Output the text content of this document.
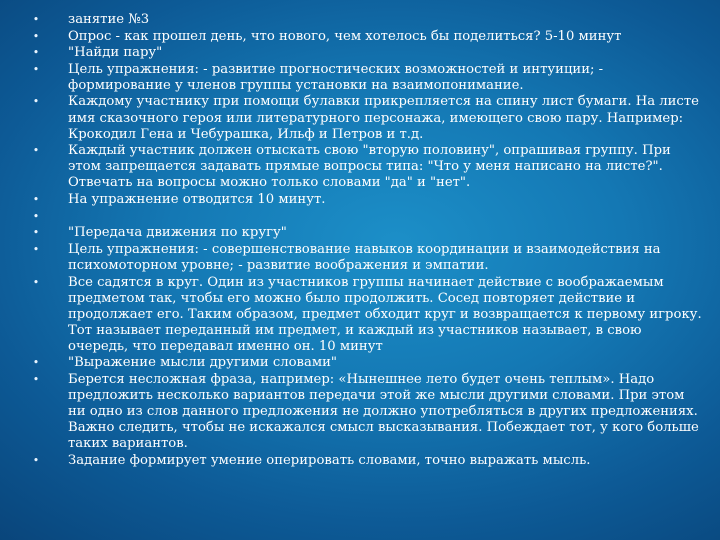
• занятие №3
• Опрос - как прошел день, что нового, чем хотелось бы поделиться? 5-10 минут
• "Найди пару"
• Цель упражнения: - развитие прогностических возможностей и интуиции; - формирование у членов группы установки на взаимопонимание.
• Каждому участнику при помощи булавки прикрепляется на спину лист бумаги. На листе имя сказочного героя или литературного персонажа, имеющего свою пару. Например: Крокодил Гена и Чебурашка, Ильф и Петров и т.д.
• Каждый участник должен отыскать свою "вторую половину", опрашивая группу. При этом запрещается задавать прямые вопросы типа: "Что у меня написано на листе?". Отвечать на вопросы можно только словами "да" и "нет".
• На упражнение отводится 10 минут.
•
• "Передача движения по кругу"
• Цель упражнения: - совершенствование навыков координации и взаимодействия на психомоторном уровне; - развитие воображения и эмпатии.
• Все садятся в круг. Один из участников группы начинает действие с воображаемым предметом так, чтобы его можно было продолжить. Сосед повторяет действие и продолжает его. Таким образом, предмет обходит круг и возвращается к первому игроку. Тот называет переданный им предмет, и каждый из участников называет, в свою очередь, что передавал именно он. 10 минут
• "Выражение мысли другими словами"
• Берется несложная фраза, например: «Нынешнее лето будет очень теплым». Надо предложить несколько вариантов передачи этой же мысли другими словами. При этом ни одно из слов данного предложения не должно употребляться в других предложениях. Важно следить, чтобы не искажался смысл высказывания. Побеждает тот, у кого больше таких вариантов.
• Задание формирует умение оперировать словами, точно выражать мысль.
